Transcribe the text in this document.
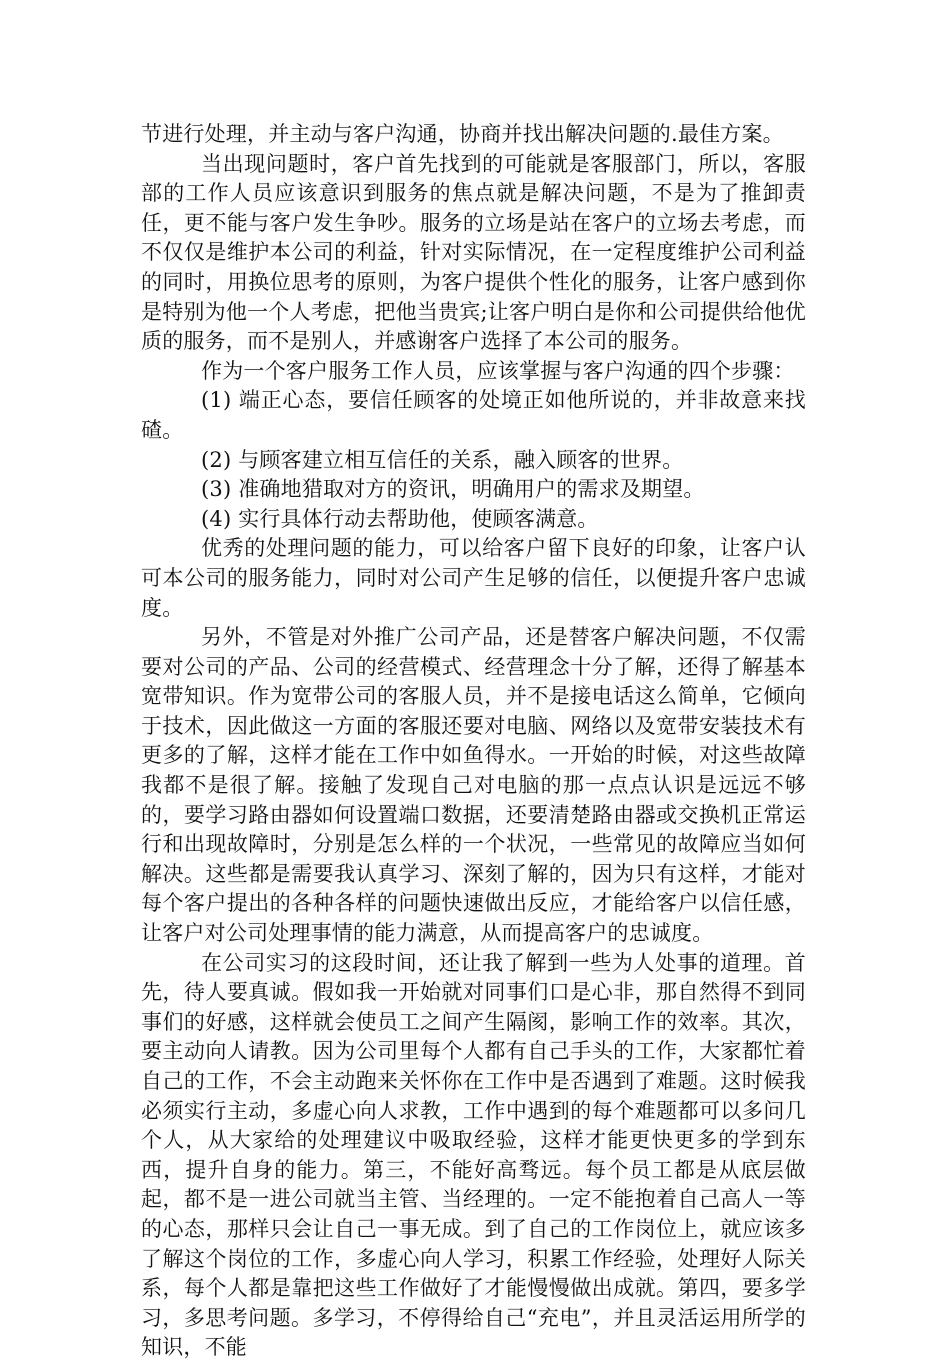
节进行处理，并主动与客户沟通，协商并找出解决问题的.最佳方案。

当出现问题时，客户首先找到的可能就是客服部门，所以，客服部的工作人员应该意识到服务的焦点就是解决问题，不是为了推卸责任，更不能与客户发生争吵。服务的立场是站在客户的立场去考虑，而不仅仅是维护本公司的利益，针对实际情况，在一定程度维护公司利益的同时，用换位思考的原则，为客户提供个性化的服务，让客户感到你是特别为他一个人考虑，把他当贵宾;让客户明白是你和公司提供给他优质的服务，而不是别人，并感谢客户选择了本公司的服务。

作为一个客户服务工作人员，应该掌握与客户沟通的四个步骤：

(1) 端正心态，要信任顾客的处境正如他所说的，并非故意来找碴。

(2) 与顾客建立相互信任的关系，融入顾客的世界。

(3) 准确地猎取对方的资讯，明确用户的需求及期望。

(4) 实行具体行动去帮助他，使顾客满意。

优秀的处理问题的能力，可以给客户留下良好的印象，让客户认可本公司的服务能力，同时对公司产生足够的信任，以便提升客户忠诚度。

另外，不管是对外推广公司产品，还是替客户解决问题，不仅需要对公司的产品、公司的经营模式、经营理念十分了解，还得了解基本宽带知识。作为宽带公司的客服人员，并不是接电话这么简单，它倾向于技术，因此做这一方面的客服还要对电脑、网络以及宽带安装技术有更多的了解，这样才能在工作中如鱼得水。一开始的时候，对这些故障我都不是很了解。接触了发现自己对电脑的那一点点认识是远远不够的，要学习路由器如何设置端口数据，还要清楚路由器或交换机正常运行和出现故障时，分别是怎么样的一个状况，一些常见的故障应当如何解决。这些都是需要我认真学习、深刻了解的，因为只有这样，才能对每个客户提出的各种各样的问题快速做出反应，才能给客户以信任感，让客户对公司处理事情的能力满意，从而提高客户的忠诚度。

在公司实习的这段时间，还让我了解到一些为人处事的道理。首先，待人要真诚。假如我一开始就对同事们口是心非，那自然得不到同事们的好感，这样就会使员工之间产生隔阂，影响工作的效率。其次，要主动向人请教。因为公司里每个人都有自己手头的工作，大家都忙着自己的工作，不会主动跑来关怀你在工作中是否遇到了难题。这时候我必须实行主动，多虚心向人求教，工作中遇到的每个难题都可以多问几个人，从大家给的处理建议中吸取经验，这样才能更快更多的学到东西，提升自身的能力。第三，不能好高骛远。每个员工都是从底层做起，都不是一进公司就当主管、当经理的。一定不能抱着自己高人一等的心态，那样只会让自己一事无成。到了自己的工作岗位上，就应该多了解这个岗位的工作，多虚心向人学习，积累工作经验，处理好人际关系，每个人都是靠把这些工作做好了才能慢慢做出成就。第四，要多学习，多思考问题。多学习，不停得给自己“充电”，并且灵活运用所学的知识，不能
